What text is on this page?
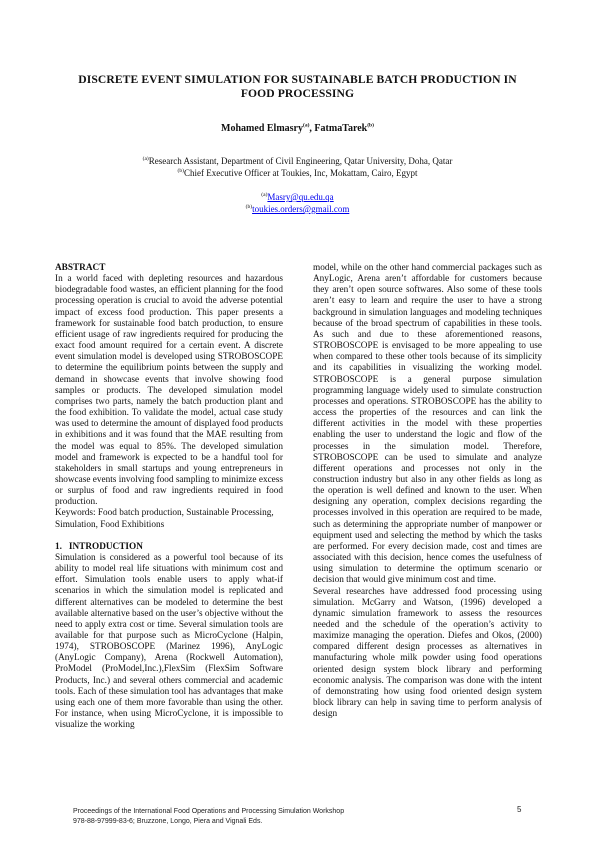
DISCRETE EVENT SIMULATION FOR SUSTAINABLE BATCH PRODUCTION IN FOOD PROCESSING
Mohamed Elmasry$^{(a)}$, FatmaTarek$^{(b)}$
$^{(a)}$Research Assistant, Department of Civil Engineering, Qatar University, Doha, Qatar
$^{(b)}$Chief Executive Officer at Toukies, Inc, Mokattam, Cairo, Egypt
$^{(a)}$Masry@qu.edu.qa
$^{(b)}$toukies.orders@gmail.com

ABSTRACT

In a world faced with depleting resources and hazardous biodegradable food wastes, an efficient planning for the food processing operation is crucial to avoid the adverse potential impact of excess food production. This paper presents a framework for sustainable food batch production, to ensure efficient usage of raw ingredients required for producing the exact food amount required for a certain event. A discrete event simulation model is developed using STROBOSCOPE to determine the equilibrium points between the supply and demand in showcase events that involve showing food samples or products. The developed simulation model comprises two parts, namely the batch production plant and the food exhibition. To validate the model, actual case study was used to determine the amount of displayed food products in exhibitions and it was found that the MAE resulting from the model was equal to 85%. The developed simulation model and framework is expected to be a handful tool for stakeholders in small startups and young entrepreneurs in showcase events involving food sampling to minimize excess or surplus of food and raw ingredients required in food production.

Keywords: Food batch production, Sustainable Processing, Simulation, Food Exhibitions

1.   INTRODUCTION

Simulation is considered as a powerful tool because of its ability to model real life situations with minimum cost and effort. Simulation tools enable users to apply what-if scenarios in which the simulation model is replicated and different alternatives can be modeled to determine the best available alternative based on the user’s objective without the need to apply extra cost or time. Several simulation tools are available for that purpose such as MicroCyclone (Halpin, 1974), STROBOSCOPE (Marinez 1996), AnyLogic (AnyLogic Company), Arena (Rockwell Automation), ProModel (ProModel,Inc.),FlexSim (FlexSim Software Products, Inc.) and several others commercial and academic tools. Each of these simulation tool has advantages that make using each one of them more favorable than using the other. For instance, when using MicroCyclone, it is impossible to visualize the working

model, while on the other hand commercial packages such as AnyLogic, Arena aren’t affordable for customers because they aren’t open source softwares. Also some of these tools aren’t easy to learn and require the user to have a strong background in simulation languages and modeling techniques because of the broad spectrum of capabilities in these tools. As such and due to these aforementioned reasons, STROBOSCOPE is envisaged to be more appealing to use when compared to these other tools because of its simplicity and its capabilities in visualizing the working model. STROBOSCOPE is a general purpose simulation programming language widely used to simulate construction processes and operations. STROBOSCOPE has the ability to access the properties of the resources and can link the different activities in the model with these properties enabling the user to understand the logic and flow of the processes in the simulation model. Therefore, STROBOSCOPE can be used to simulate and analyze different operations and processes not only in the construction industry but also in any other fields as long as the operation is well defined and known to the user. When designing any operation, complex decisions regarding the processes involved in this operation are required to be made, such as determining the appropriate number of manpower or equipment used and selecting the method by which the tasks are performed. For every decision made, cost and times are associated with this decision, hence comes the usefulness of using simulation to determine the optimum scenario or decision that would give minimum cost and time.

Several researches have addressed food processing using simulation. McGarry and Watson, (1996) developed a dynamic simulation framework to assess the resources needed and the schedule of the operation’s activity to maximize managing the operation. Diefes and Okos, (2000) compared different design processes as alternatives in manufacturing whole milk powder using food operations oriented design system block library and performing economic analysis. The comparison was done with the intent of demonstrating how using food oriented design system block library can help in saving time to perform analysis of design

Proceedings of the International Food Operations and Processing Simulation Workshop
978-88-97999-83-6; Bruzzone, Longo, Piera and Vignali Eds.
5
